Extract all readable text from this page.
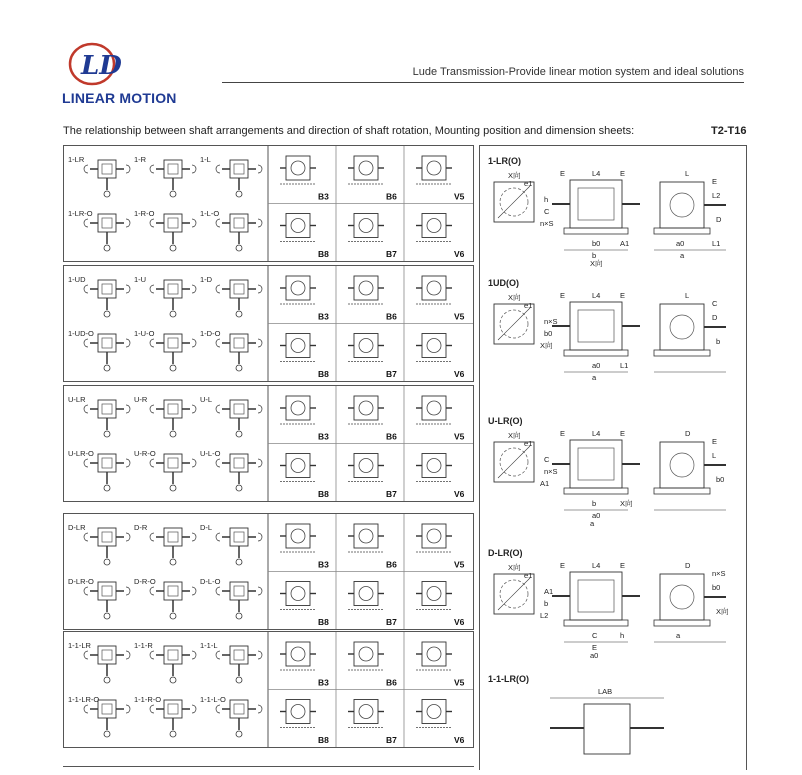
LD
LINEAR MOTION
Lude Transmission-Provide linear motion system and ideal solutions
The relationship between shaft arrangements and direction of shaft rotation, Mounting position and dimension sheets:	T2-T16
1-LR	1-R	1-L
1-LR-O	1-R-O	1-L-O
B3	B6	V5
B8	B7	V6
1-UD	1-U	1-D
1-UD-O	1-U-O	1-D-O
B3	B6	V5
B8	B7	V6
U-LR	U-R	U-L
U-LR-O	U-R-O	U-L-O
B3	B6	V5
B8	B7	V6
D-LR	D-R	D-L
D-LR-O	D-R-O	D-L-O
B3	B6	V5
B8	B7	V6
1-1-LR	1-1-R	1-1-L
1-1-LR-O	1-1-R-O	1-1-L-O
B3	B6	V5
B8	B7	V6
1-LR(O)
X向
e1
E	L4	E	L
E
L2
h
C
D
n×S
b0	A1
b
X向
a0	L1
a
1UD(O)
X向
e1
E	L4	E	L
C
D
n×S
b0
b
X向
a0	L1
a
U-LR(O)
X向
e1
E	L4	E	D
E
L
C
n×S
b0
A1
b	X向
a0
a
D-LR(O)
X向
e1
E	L4	E	D
n×S
b0
A1
b
X向
L2
C	h
E
a0
a
1-1-LR(O)
LAB
